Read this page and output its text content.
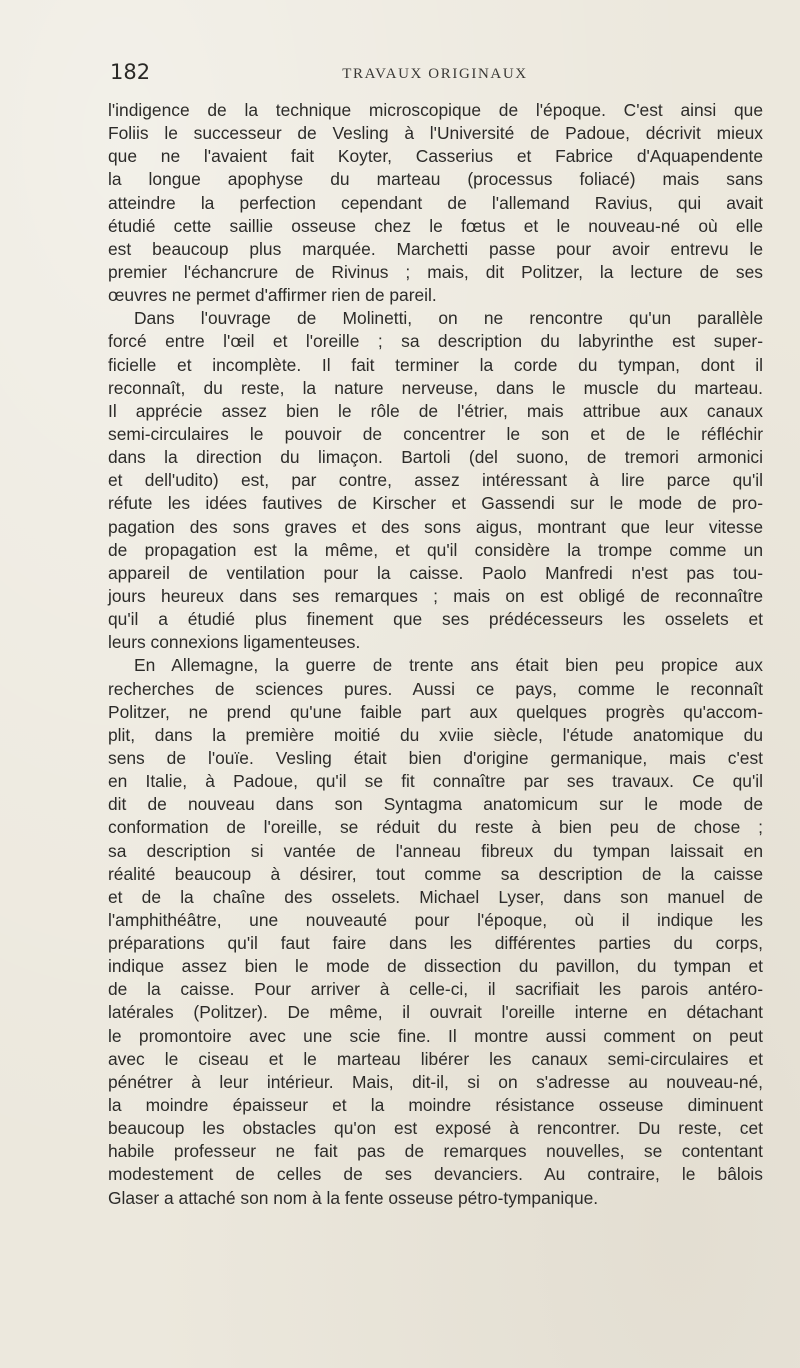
182	TRAVAUX ORIGINAUX
l'indigence de la technique microscopique de l'époque. C'est ainsi que
Foliis le successeur de Vesling à l'Université de Padoue, décrivit mieux
que ne l'avaient fait Koyter, Casserius et Fabrice d'Aquapendente
la longue apophyse du marteau (processus foliacé) mais sans
atteindre la perfection cependant de l'allemand Ravius, qui avait
étudié cette saillie osseuse chez le fœtus et le nouveau-né où elle
est beaucoup plus marquée. Marchetti passe pour avoir entrevu le
premier l'échancrure de Rivinus ; mais, dit Politzer, la lecture de ses
œuvres ne permet d'affirmer rien de pareil.
Dans l'ouvrage de Molinetti, on ne rencontre qu'un parallèle
forcé entre l'œil et l'oreille ; sa description du labyrinthe est super-
ficielle et incomplète. Il fait terminer la corde du tympan, dont il
reconnaît, du reste, la nature nerveuse, dans le muscle du marteau.
Il apprécie assez bien le rôle de l'étrier, mais attribue aux canaux
semi-circulaires le pouvoir de concentrer le son et de le réfléchir
dans la direction du limaçon. Bartoli (del suono, de tremori armonici
et dell'udito) est, par contre, assez intéressant à lire parce qu'il
réfute les idées fautives de Kirscher et Gassendi sur le mode de pro-
pagation des sons graves et des sons aigus, montrant que leur vitesse
de propagation est la même, et qu'il considère la trompe comme un
appareil de ventilation pour la caisse. Paolo Manfredi n'est pas tou-
jours heureux dans ses remarques ; mais on est obligé de reconnaître
qu'il a étudié plus finement que ses prédécesseurs les osselets et
leurs connexions ligamenteuses.
En Allemagne, la guerre de trente ans était bien peu propice aux
recherches de sciences pures. Aussi ce pays, comme le reconnaît
Politzer, ne prend qu'une faible part aux quelques progrès qu'accom-
plit, dans la première moitié du xviie siècle, l'étude anatomique du
sens de l'ouïe. Vesling était bien d'origine germanique, mais c'est
en Italie, à Padoue, qu'il se fit connaître par ses travaux. Ce qu'il
dit de nouveau dans son Syntagma anatomicum sur le mode de
conformation de l'oreille, se réduit du reste à bien peu de chose ;
sa description si vantée de l'anneau fibreux du tympan laissait en
réalité beaucoup à désirer, tout comme sa description de la caisse
et de la chaîne des osselets. Michael Lyser, dans son manuel de
l'amphithéâtre, une nouveauté pour l'époque, où il indique les
préparations qu'il faut faire dans les différentes parties du corps,
indique assez bien le mode de dissection du pavillon, du tympan et
de la caisse. Pour arriver à celle-ci, il sacrifiait les parois antéro-
latérales (Politzer). De même, il ouvrait l'oreille interne en détachant
le promontoire avec une scie fine. Il montre aussi comment on peut
avec le ciseau et le marteau libérer les canaux semi-circulaires et
pénétrer à leur intérieur. Mais, dit-il, si on s'adresse au nouveau-né,
la moindre épaisseur et la moindre résistance osseuse diminuent
beaucoup les obstacles qu'on est exposé à rencontrer. Du reste, cet
habile professeur ne fait pas de remarques nouvelles, se contentant
modestement de celles de ses devanciers. Au contraire, le bâlois
Glaser a attaché son nom à la fente osseuse pétro-tympanique.
